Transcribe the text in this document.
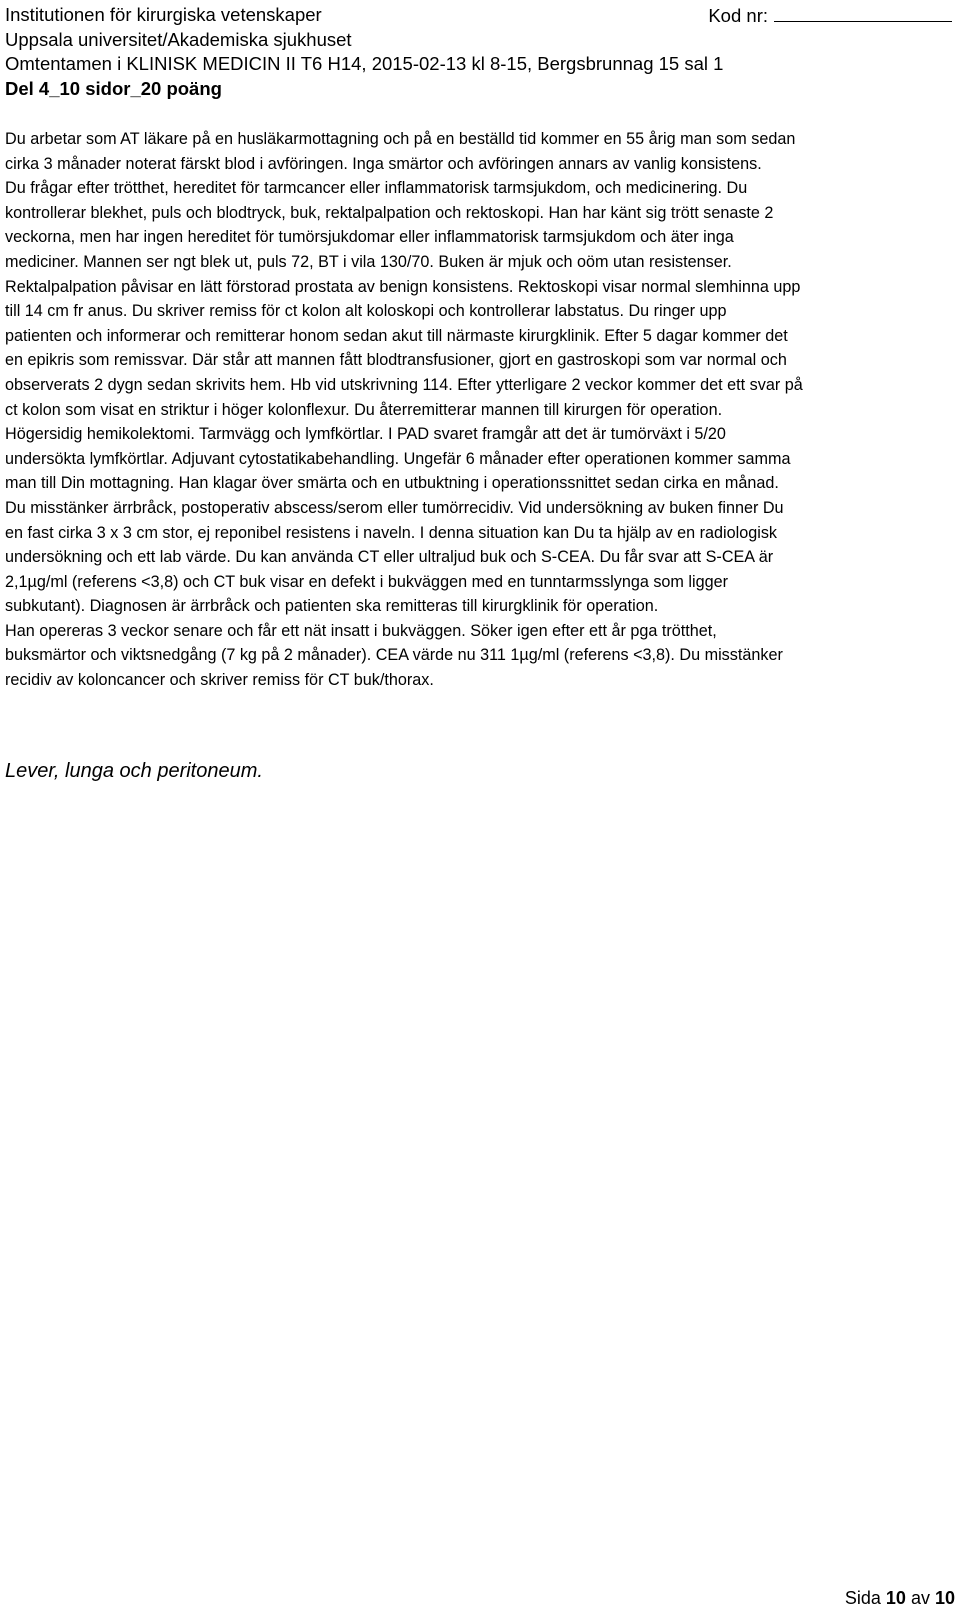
Institutionen för kirurgiska vetenskaper
Uppsala universitet/Akademiska sjukhuset
Omtentamen i KLINISK MEDICIN II T6 H14, 2015-02-13 kl 8-15, Bergsbrunnag 15 sal 1
Del 4_10 sidor_20 poäng
Kod nr:

Du arbetar som AT läkare på en husläkarmottagning och på en beställd tid kommer en 55 årig man som sedan

cirka 3 månader noterat färskt blod i avföringen. Inga smärtor och avföringen annars av vanlig konsistens.

Du frågar efter trötthet, hereditet för tarmcancer eller inflammatorisk tarmsjukdom, och medicinering. Du

kontrollerar blekhet, puls och blodtryck, buk, rektalpalpation och rektoskopi. Han har känt sig trött senaste 2

veckorna, men har ingen hereditet för tumörsjukdomar eller inflammatorisk tarmsjukdom och äter inga

mediciner. Mannen ser ngt blek ut, puls 72, BT i vila 130/70. Buken är mjuk och oöm utan resistenser.

Rektalpalpation påvisar en lätt förstorad prostata av benign konsistens. Rektoskopi visar normal slemhinna upp

till 14 cm fr anus. Du skriver remiss för ct kolon alt koloskopi och kontrollerar labstatus. Du ringer upp

patienten och informerar och remitterar honom sedan akut till närmaste kirurgklinik. Efter 5 dagar kommer det

en epikris som remissvar. Där står att mannen fått blodtransfusioner, gjort en gastroskopi som var normal och

observerats 2 dygn sedan skrivits hem. Hb vid utskrivning 114. Efter ytterligare 2 veckor kommer det ett svar på

ct kolon som visat en striktur i höger kolonflexur. Du återremitterar mannen till kirurgen för operation.

Högersidig hemikolektomi. Tarmvägg och lymfkörtlar. I PAD svaret framgår att det är tumörväxt i 5/20

undersökta lymfkörtlar. Adjuvant cytostatikabehandling. Ungefär 6 månader efter operationen kommer samma

man till Din mottagning. Han klagar över smärta och en utbuktning i operationssnittet sedan cirka en månad.

Du misstänker ärrbråck, postoperativ abscess/serom eller tumörrecidiv. Vid undersökning av buken finner Du

en fast cirka 3 x 3 cm stor, ej reponibel resistens i naveln. I denna situation kan Du ta hjälp av en radiologisk

undersökning och ett lab värde. Du kan använda CT eller ultraljud buk och S-CEA. Du får svar att S-CEA är

2,1µg/ml (referens <3,8) och CT buk visar en defekt i bukväggen med en tunntarmsslynga som ligger

subkutant). Diagnosen är ärrbråck och patienten ska remitteras till kirurgklinik för operation.

Han opereras 3 veckor senare och får ett nät insatt i bukväggen. Söker igen efter ett år pga trötthet,

buksmärtor och viktsnedgång (7 kg på 2 månader). CEA värde nu 311 1µg/ml (referens <3,8). Du misstänker

recidiv av koloncancer och skriver remiss för CT buk/thorax.

Lever, lunga och peritoneum.
Sida 10 av 10
